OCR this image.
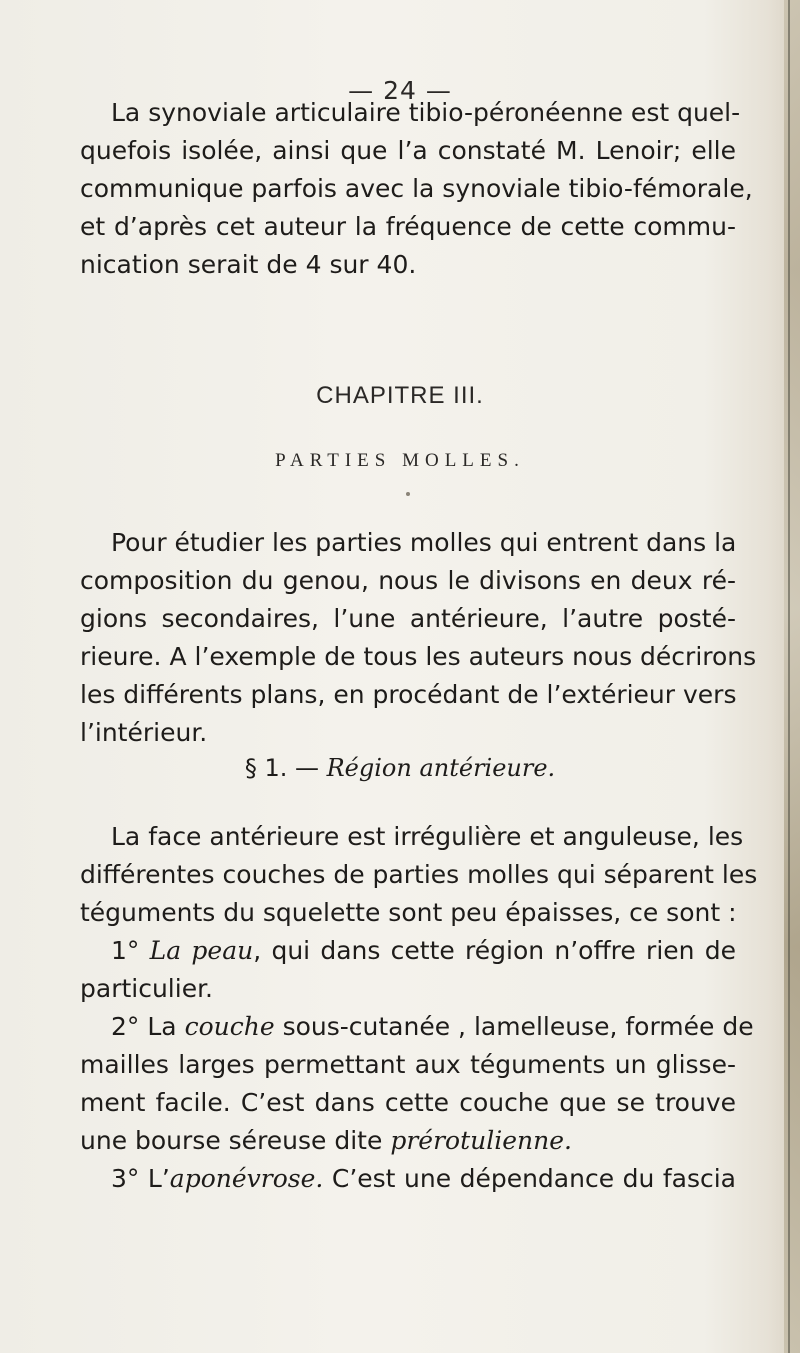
— 24 —
La synoviale articulaire tibio-péronéenne est quel-
quefois isolée, ainsi que l’a constaté M. Lenoir; elle
communique parfois avec la synoviale tibio-fémorale,
et d’après cet auteur la fréquence de cette commu-
nication serait de 4 sur 40.
CHAPITRE III.
PARTIES MOLLES.
Pour étudier les parties molles qui entrent dans la
composition du genou, nous le divisons en deux ré-
gions secondaires, l’une antérieure, l’autre posté-
rieure. A l’exemple de tous les auteurs nous décrirons
les différents plans, en procédant de l’extérieur vers
l’intérieur.
§ 1. — Région antérieure.
La face antérieure est irrégulière et anguleuse, les
différentes couches de parties molles qui séparent les
téguments du squelette sont peu épaisses, ce sont :
1° La peau, qui dans cette région n’offre rien de
particulier.
2° La couche sous-cutanée , lamelleuse, formée de
mailles larges permettant aux téguments un glisse-
ment facile. C’est dans cette couche que se trouve
une bourse séreuse dite prérotulienne.
3° L’aponévrose. C’est une dépendance du fascia
